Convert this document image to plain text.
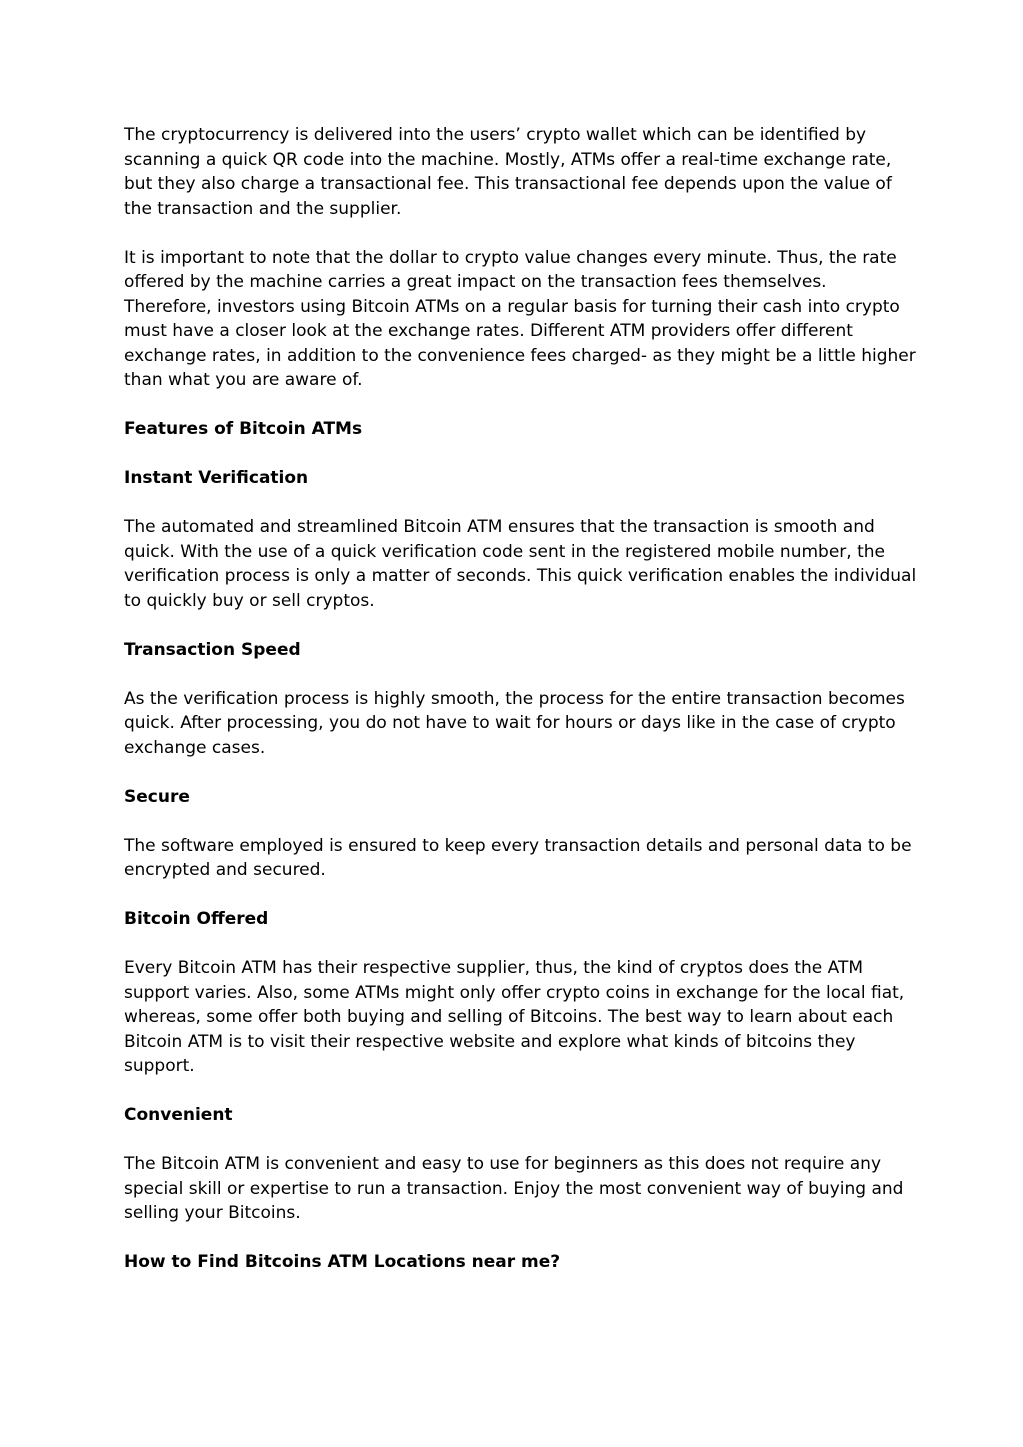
The cryptocurrency is delivered into the users’ crypto wallet which can be identified by
scanning a quick QR code into the machine. Mostly, ATMs offer a real-time exchange rate,
but they also charge a transactional fee. This transactional fee depends upon the value of
the transaction and the supplier.
It is important to note that the dollar to crypto value changes every minute. Thus, the rate
offered by the machine carries a great impact on the transaction fees themselves.
Therefore, investors using Bitcoin ATMs on a regular basis for turning their cash into crypto
must have a closer look at the exchange rates. Different ATM providers offer different
exchange rates, in addition to the convenience fees charged- as they might be a little higher
than what you are aware of.
Features of Bitcoin ATMs
Instant Verification
The automated and streamlined Bitcoin ATM ensures that the transaction is smooth and
quick. With the use of a quick verification code sent in the registered mobile number, the
verification process is only a matter of seconds. This quick verification enables the individual
to quickly buy or sell cryptos.
Transaction Speed
As the verification process is highly smooth, the process for the entire transaction becomes
quick. After processing, you do not have to wait for hours or days like in the case of crypto
exchange cases.
Secure
The software employed is ensured to keep every transaction details and personal data to be
encrypted and secured.
Bitcoin Offered
Every Bitcoin ATM has their respective supplier, thus, the kind of cryptos does the ATM
support varies. Also, some ATMs might only offer crypto coins in exchange for the local fiat,
whereas, some offer both buying and selling of Bitcoins. The best way to learn about each
Bitcoin ATM is to visit their respective website and explore what kinds of bitcoins they
support.
Convenient
The Bitcoin ATM is convenient and easy to use for beginners as this does not require any
special skill or expertise to run a transaction. Enjoy the most convenient way of buying and
selling your Bitcoins.
How to Find Bitcoins ATM Locations near me?
